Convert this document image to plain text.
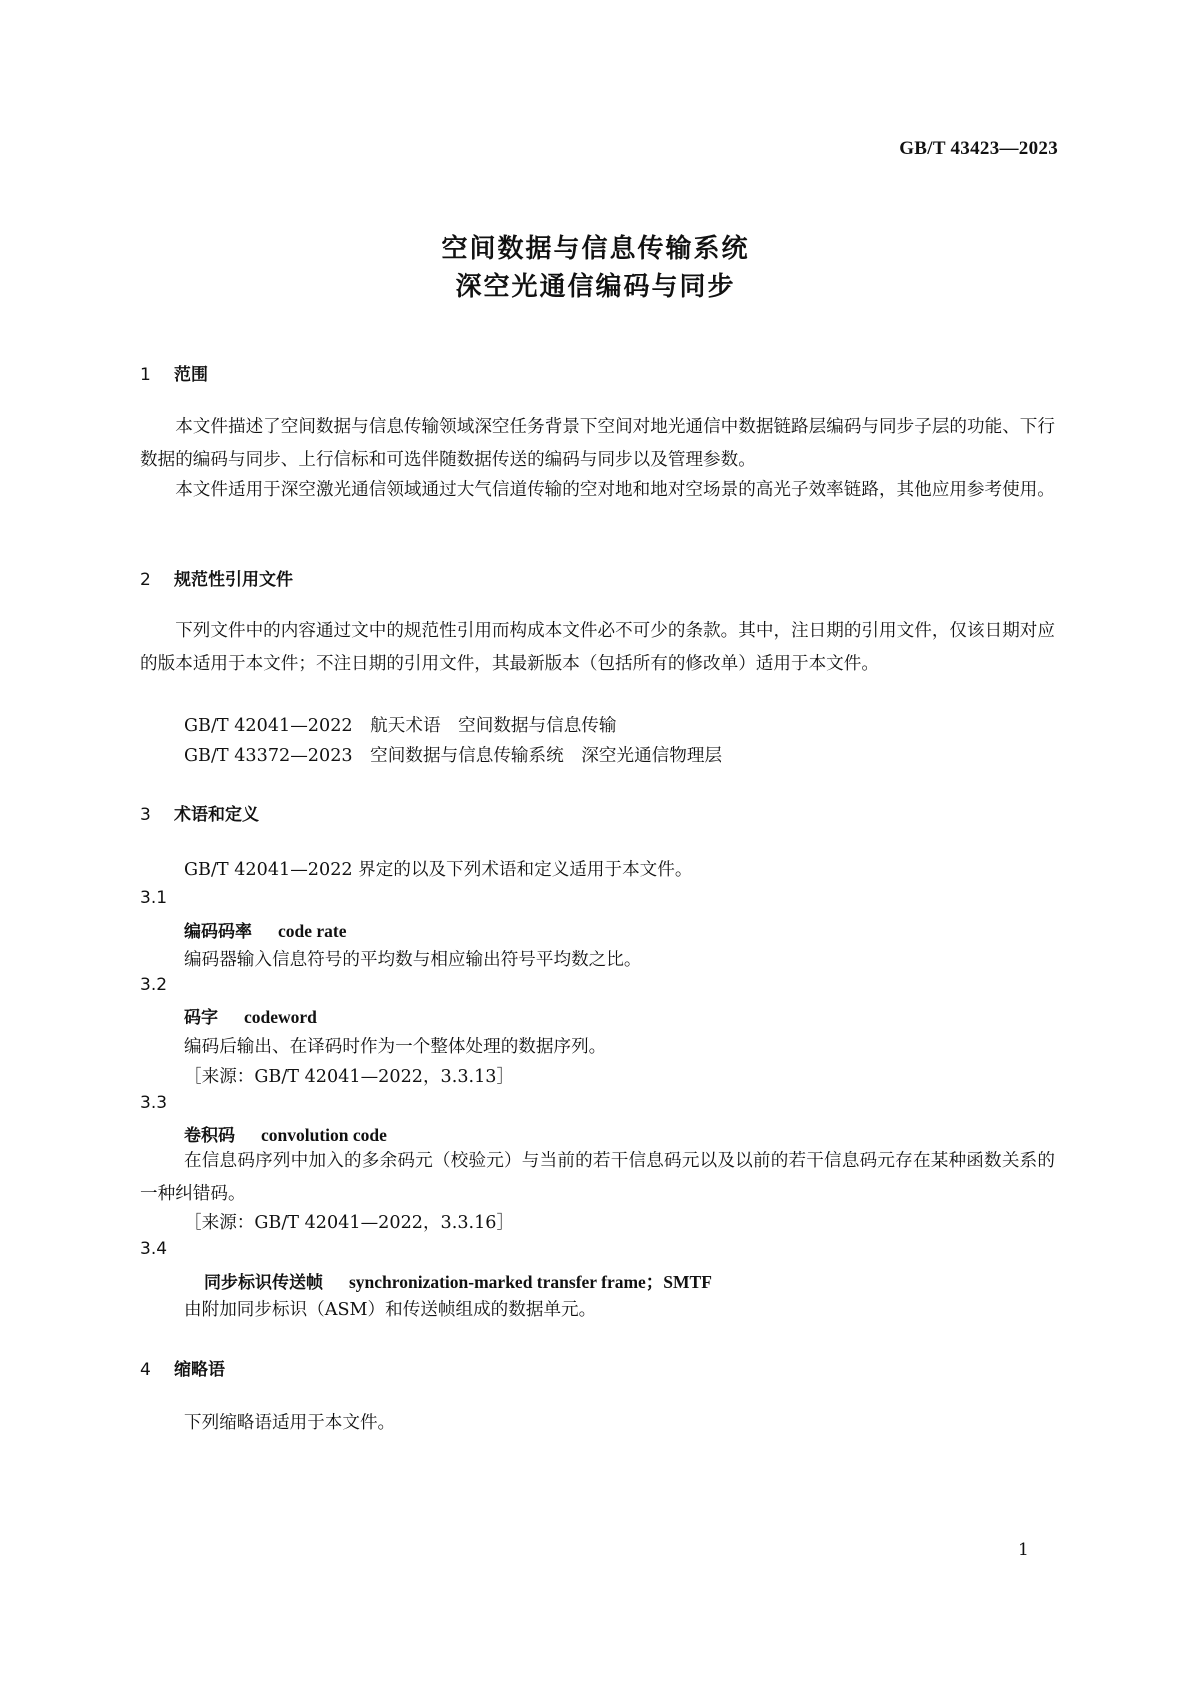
GB/T 43423—2023
空间数据与信息传输系统
深空光通信编码与同步
1 范围
本文件描述了空间数据与信息传输领域深空任务背景下空间对地光通信中数据链路层编码与同步子层的功能、下行数据的编码与同步、上行信标和可选伴随数据传送的编码与同步以及管理参数。
本文件适用于深空激光通信领域通过大气信道传输的空对地和地对空场景的高光子效率链路，其他应用参考使用。
2 规范性引用文件
下列文件中的内容通过文中的规范性引用而构成本文件必不可少的条款。其中，注日期的引用文件，仅该日期对应的版本适用于本文件；不注日期的引用文件，其最新版本（包括所有的修改单）适用于本文件。
GB/T 42041—2022　航天术语　空间数据与信息传输
GB/T 43372—2023　空间数据与信息传输系统　深空光通信物理层
3 术语和定义
GB/T 42041—2022 界定的以及下列术语和定义适用于本文件。
3.1
编码码率 code rate
编码器输入信息符号的平均数与相应输出符号平均数之比。
3.2
码字 codeword
编码后输出、在译码时作为一个整体处理的数据序列。
［来源：GB/T 42041—2022，3.3.13］
3.3
卷积码 convolution code
在信息码序列中加入的多余码元（校验元）与当前的若干信息码元以及以前的若干信息码元存在某种函数关系的一种纠错码。
［来源：GB/T 42041—2022，3.3.16］
3.4
同步标识传送帧 synchronization-marked transfer frame；SMTF
由附加同步标识（ASM）和传送帧组成的数据单元。
4 缩略语
下列缩略语适用于本文件。
1
